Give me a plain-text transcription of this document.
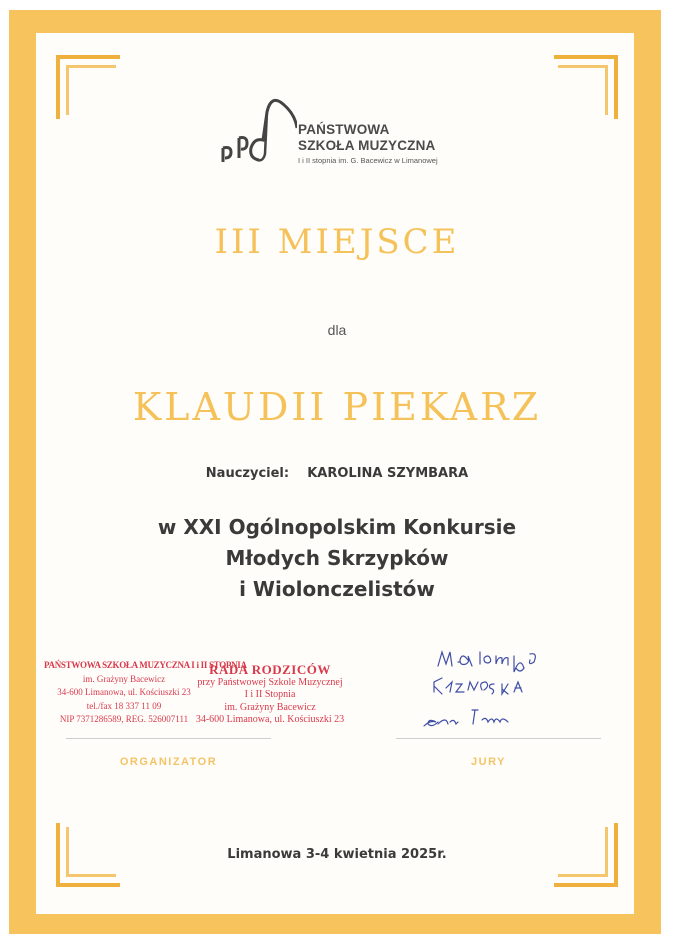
PAŃSTWOWA
SZKOŁA MUZYCZNA
I i II stopnia im. G. Bacewicz w Limanowej
III MIEJSCE
dla
KLAUDII PIEKARZ
Nauczyciel: KAROLINA SZYMBARA
w XXI Ogólnopolskim Konkursie
Młodych Skrzypków
i Wiolonczelistów
PAŃSTWOWA SZKOŁA MUZYCZNA I i II STOPNIA
im. Grażyny Bacewicz
34-600 Limanowa, ul. Kościuszki 23
tel./fax 18 337 11 09
NIP 7371286589, REG. 526007111
RADA RODZICÓW
przy Państwowej Szkole Muzycznej
I i II Stopnia
im. Grażyny Bacewicz
34-600 Limanowa, ul. Kościuszki 23
ORGANIZATOR	JURY
Limanowa 3-4 kwietnia 2025r.
